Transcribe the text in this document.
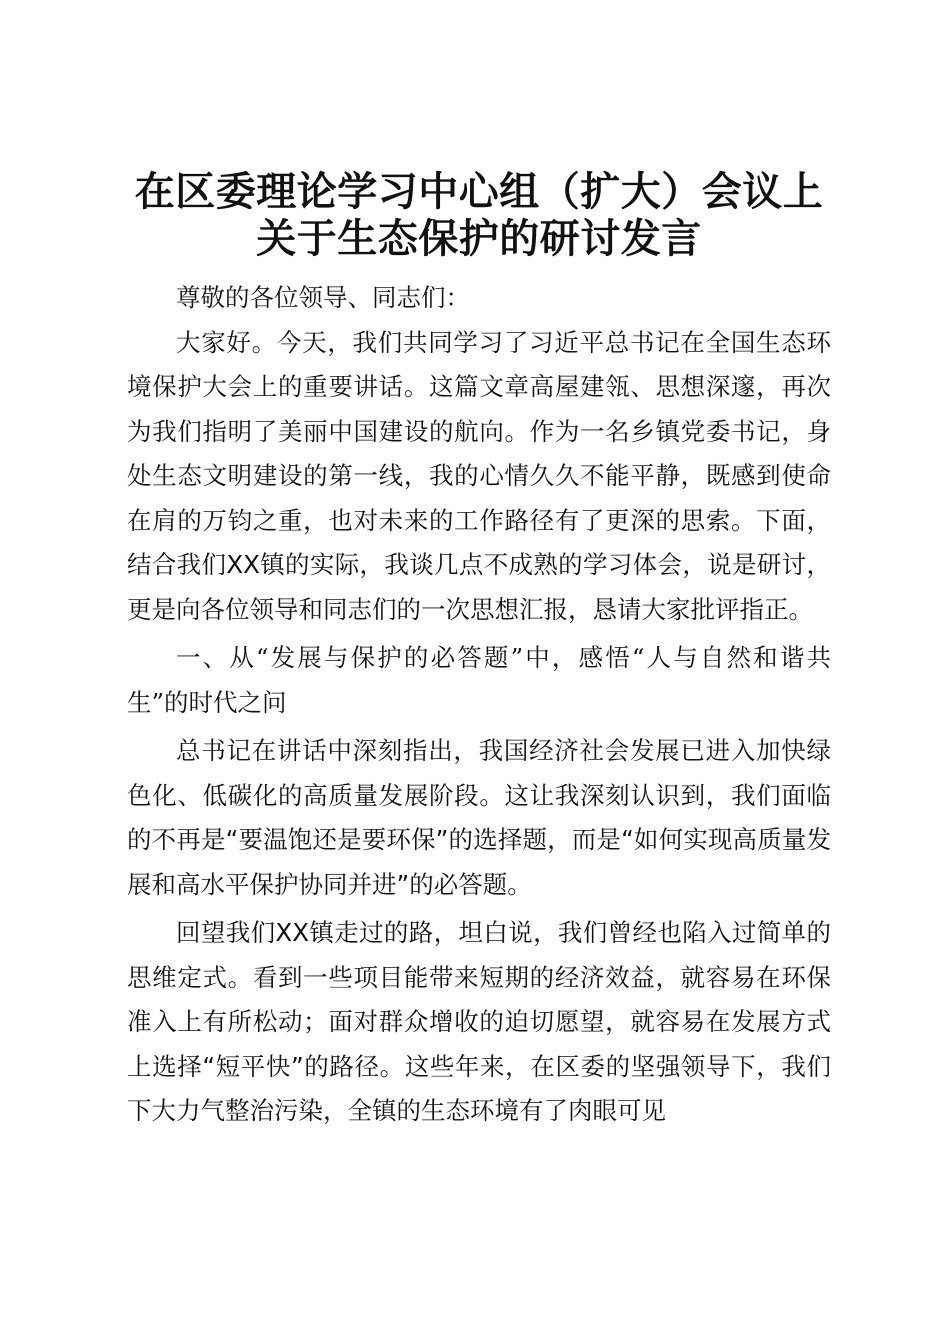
在区委理论学习中心组（扩大）会议上
关于生态保护的研讨发言

尊敬的各位领导、同志们：

大家好。今天，我们共同学习了习近平总书记在全国生态环境保护大会上的重要讲话。这篇文章高屋建瓴、思想深邃，再次为我们指明了美丽中国建设的航向。作为一名乡镇党委书记，身处生态文明建设的第一线，我的心情久久不能平静，既感到使命在肩的万钧之重，也对未来的工作路径有了更深的思索。下面，结合我们XX镇的实际，我谈几点不成熟的学习体会，说是研讨，更是向各位领导和同志们的一次思想汇报，恳请大家批评指正。

一、从“发展与保护的必答题”中，感悟“人与自然和谐共生”的时代之问

总书记在讲话中深刻指出，我国经济社会发展已进入加快绿色化、低碳化的高质量发展阶段。这让我深刻认识到，我们面临的不再是“要温饱还是要环保”的选择题，而是“如何实现高质量发展和高水平保护协同并进”的必答题。

回望我们XX镇走过的路，坦白说，我们曾经也陷入过简单的思维定式。看到一些项目能带来短期的经济效益，就容易在环保准入上有所松动；面对群众增收的迫切愿望，就容易在发展方式上选择“短平快”的路径。这些年来，在区委的坚强领导下，我们下大力气整治污染，全镇的生态环境有了肉眼可见
